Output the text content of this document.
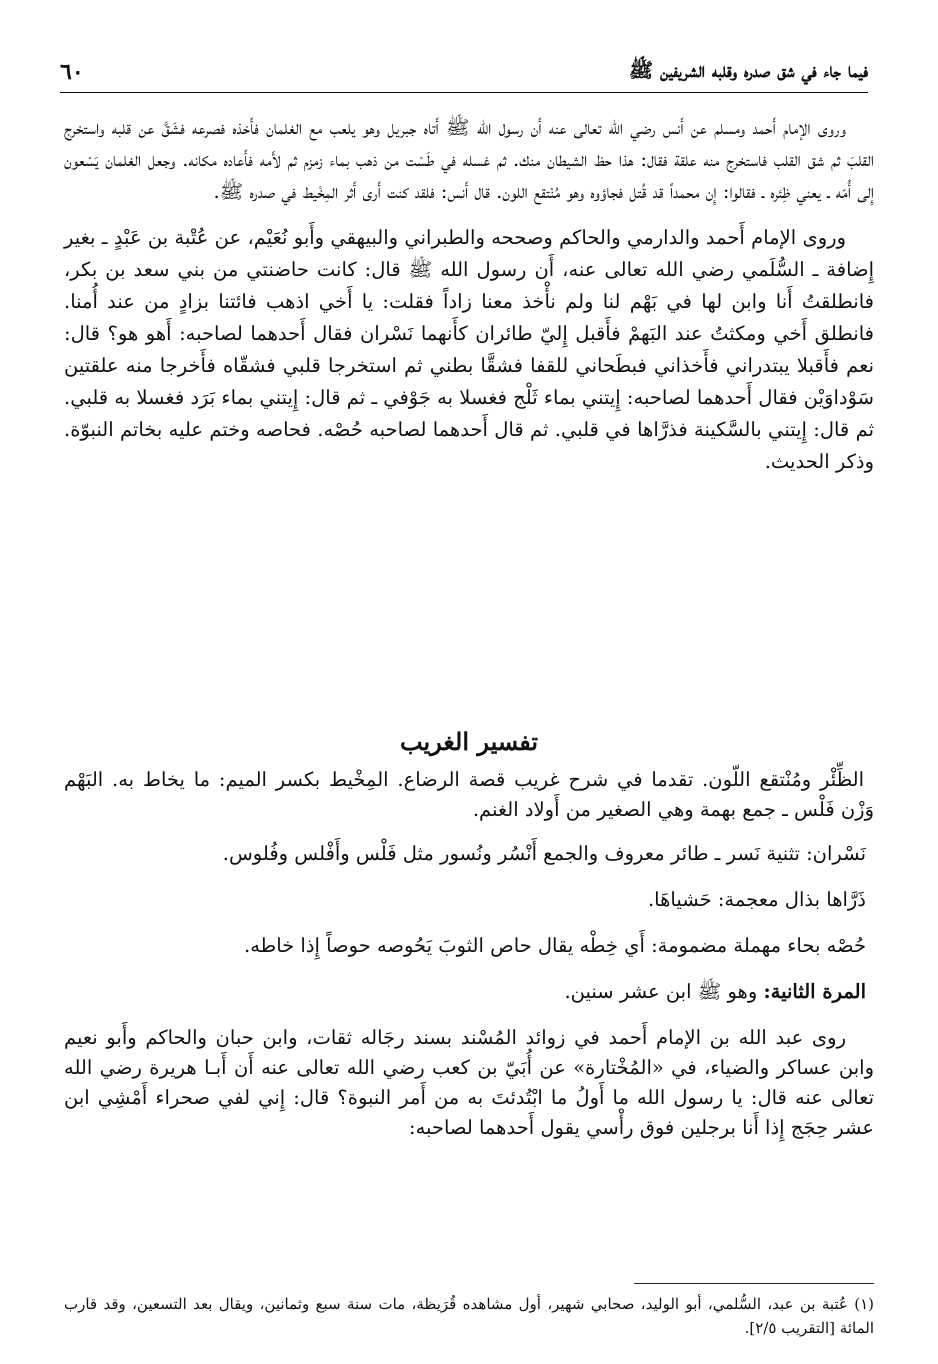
فيما جاء في شق صدره وقلبه الشريفين ﷺ
٦٠

وروى الإمام أَحمد ومسلم عن أَنس رضي الله تعالى عنه أَن رسول الله ﷺ أَتاه جبريل وهو يلعب مع الغلمان فأَخذه فصرعه فشَقَّ عن قلبه واستخرج القلبَ ثم شق القلب فاستخرج منه علقة فقال: هذا حظ الشيطان منك. ثم غسله في طَسْت من ذهب بماء زمزم ثم لأَمه فأَعاده مكانه. وجعل الغلمان يَسْعون إِلى أُمّه ـ يعني ظِئره ـ فقالوا: إِن محمداً قد قُتل فجاؤوه وهو مُنْتقع اللون. قال أَنس: فلقد كنت أَرى أَثر المِخْيط في صدره ﷺ.

وروى الإمام أَحمد والدارمي والحاكم وصححه والطبراني والبيهقي وأَبو نُعَيْم، عن عُتْبة بن عَبْدٍ ـ بغير إِضافة ـ السُّلَمي رضي الله تعالى عنه، أَن رسول الله ﷺ قال: كانت حاضنتي من بني سعد بن بكر، فانطلقتُ أَنا وابن لها في بَهْم لنا ولم نأْخذ معنا زاداً فقلت: يا أَخي اذهب فائتنا بزادٍ من عند أُمنا. فانطلق أَخي ومكثتُ عند البَهمْ فأَقبل إِليّ طائران كأَنهما نَسْران فقال أَحدهما لصاحبه: أَهو هو؟ قال: نعم فأَقبلا يبتدراني فأَخذاني فبطَحاني للقفا فشقَّا بطني ثم استخرجا قلبي فشقّاه فأَخرجا منه علقتين سَوْداوَيْن فقال أَحدهما لصاحبه: إِيتني بماء ثَلْج فغسلا به جَوْفي ـ ثم قال: إِيتني بماء بَرَد فغسلا به قلبي. ثم قال: إِيتني بالسَّكينة فذرَّاها في قلبي. ثم قال أَحدهما لصاحبه حُصْه. فحاصه وختم عليه بخاتم النبوّة. وذكر الحديث.

تفسير الغريب

الظِّئْر ومُنْتقع اللّون. تقدما في شرح غريب قصة الرضاع. المِخْيط بكسر الميم: ما يخاط به. البَهْم وَزْن فَلْس ـ جمع بهمة وهي الصغير من أَولاد الغنم.

نَسْران: تثنية نَسر ـ طائر معروف والجمع أَنْسُر ونُسور مثل فَلْس وأَفْلس وفُلوس.

ذَرَّاها بذال معجمة: حَشياهَا.

حُصْه بحاء مهملة مضمومة: أَي خِطْه يقال حاص الثوبَ يَحُوصه حوصاً إِذا خاطه.

المرة الثانية: وهو ﷺ ابن عشر سنين.

روى عبد الله بن الإمام أَحمد في زوائد المُسْند بسند رجَاله ثقات، وابن حبان والحاكم وأَبو نعيم وابن عساكر والضياء، في «المُخْتارة» عن أُبَيّ بن كعب رضي الله تعالى عنه أَن أَبـا هريرة رضي الله تعالى عنه قال: يا رسول الله ما أَولُ ما ابْتُدئتَ به من أَمر النبوة؟ قال: إِني لفي صحراء أَمْشِي ابن عشر حِجَج إِذا أَنا برجلين فوق رأْسي يقول أَحدهما لصاحبه:

(١) عُتبة بن عبد، السُّلمي، أبو الوليد، صحابي شهير، أول مشاهده قُرَيظة، مات سنة سبع وثمانين، ويقال بعد التسعين، وقد قارب المائة [التقريب ٢/٥].
